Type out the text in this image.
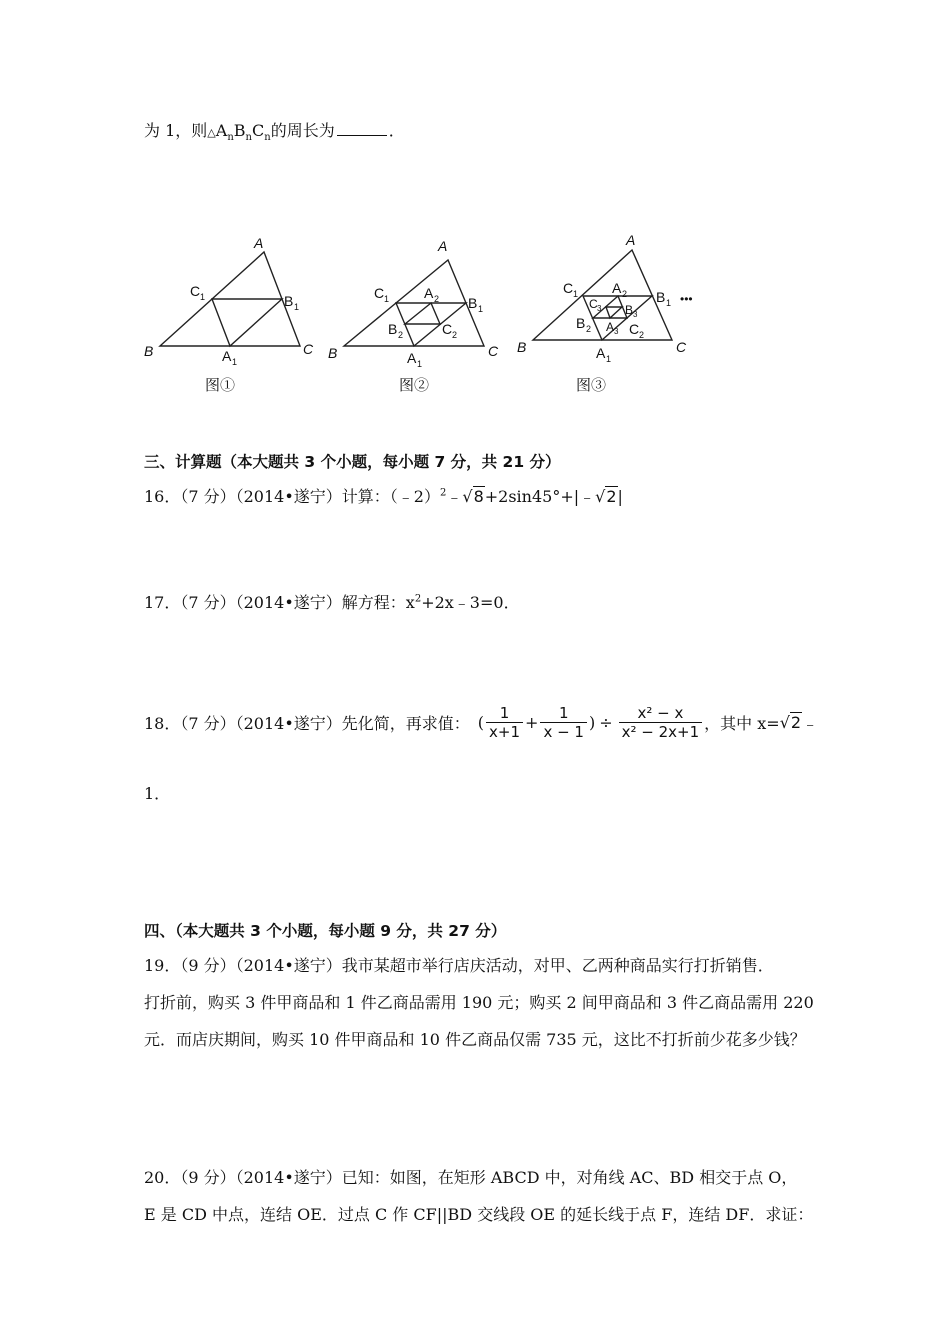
为 1，则$\triangle A_nB_nC_n$的周长为	．
A
B	C
C 1	B 1
A 1
A
B	C
C 1	B 1
A 1
A 2
B 2	C 2
A
B	C
C 1	B 1
A 1
A 2
B 2	C 2
C 3 B 3
A 3
•••
图①	图②	图③
三、计算题（本大题共 3 个小题，每小题 7 分，共 21 分）
16．（7 分）（2014•遂宁）计算：（﹣2）$^2$﹣√8+2sin45°+|﹣√2|
17．（7 分）（2014•遂宁）解方程：$x^2+2x﹣3=0$．
18．（7 分）（2014•遂宁）先化简，再求值： ( $\frac{1}{x+1} + \frac{1}{x - 1}$ ) ÷ $\frac{\text{x² − x}}{\text{x² − 2x+1}}$ ，其中 x= √2 ﹣
1．
四、（本大题共 3 个小题，每小题 9 分，共 27 分）
19．（9 分）（2014•遂宁）我市某超市举行店庆活动，对甲、乙两种商品实行打折销售．
打折前，购买 3 件甲商品和 1 件乙商品需用 190 元；购买 2 间甲商品和 3 件乙商品需用 220
元．而店庆期间，购买 10 件甲商品和 10 件乙商品仅需 735 元，这比不打折前少花多少钱？
20．（9 分）（2014•遂宁）已知：如图，在矩形 ABCD 中，对角线 AC、BD 相交于点 O，
E 是 CD 中点，连结 OE．过点 C 作 CF||BD 交线段 OE 的延长线于点 F，连结 DF．求证：
